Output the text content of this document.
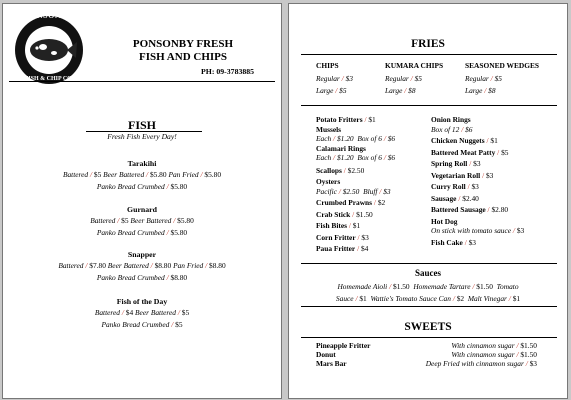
PONSONBY
FISH & CHIP CO.
PONSONBY FRESH
FISH AND CHIPS
PH: 09-3783885
FISH
Fresh Fish Every Day!
Tarakihi
Battered / $5 Beer Battered / $5.80 Pan Fried / $5.80
Panko Bread Crumbed / $5.80
Gurnard
Battered / $5 Beer Battered / $5.80
Panko Bread Crumbed / $5.80
Snapper
Battered / $7.80 Beer Battered / $8.80 Pan Fried / $8.80
Panko Bread Crumbed / $8.80
Fish of the Day
Battered / $4 Beer Battered / $5
Panko Bread Crumbed / $5
FRIES
CHIPS
Regular / $3
Large / $5
KUMARA CHIPS
Regular / $5
Large / $8
SEASONED WEDGES
Regular / $5
Large / $8
Potato Fritters / $1
Mussels
Each / $1.20 Box of 6 / $6
Calamari Rings
Each / $1.20 Box of 6 / $6
Scallops / $2.50
Oysters
Pacific / $2.50 Bluff / $3
Crumbed Prawns / $2
Crab Stick / $1.50
Fish Bites / $1
Corn Fritter / $3
Paua Fritter / $4
Onion Rings
Box of 12 / $6
Chicken Nuggets / $1
Battered Meat Patty / $5
Spring Roll / $3
Vegetarian Roll / $3
Curry Roll / $3
Sausage / $2.40
Battered Sausage / $2.80
Hot Dog
On stick with tomato sauce / $3
Fish Cake / $3
Sauces
Homemade Aioli / $1.50 Homemade Tartare / $1.50 Tomato
Sauce / $1 Wattie's Tomato Sauce Can / $2 Malt Vinegar / $1
SWEETS
Pineapple Fritter	With cinnamon sugar / $1.50
Donut	With cinnamon sugar / $1.50
Mars Bar	Deep Fried with cinnamon sugar / $3
